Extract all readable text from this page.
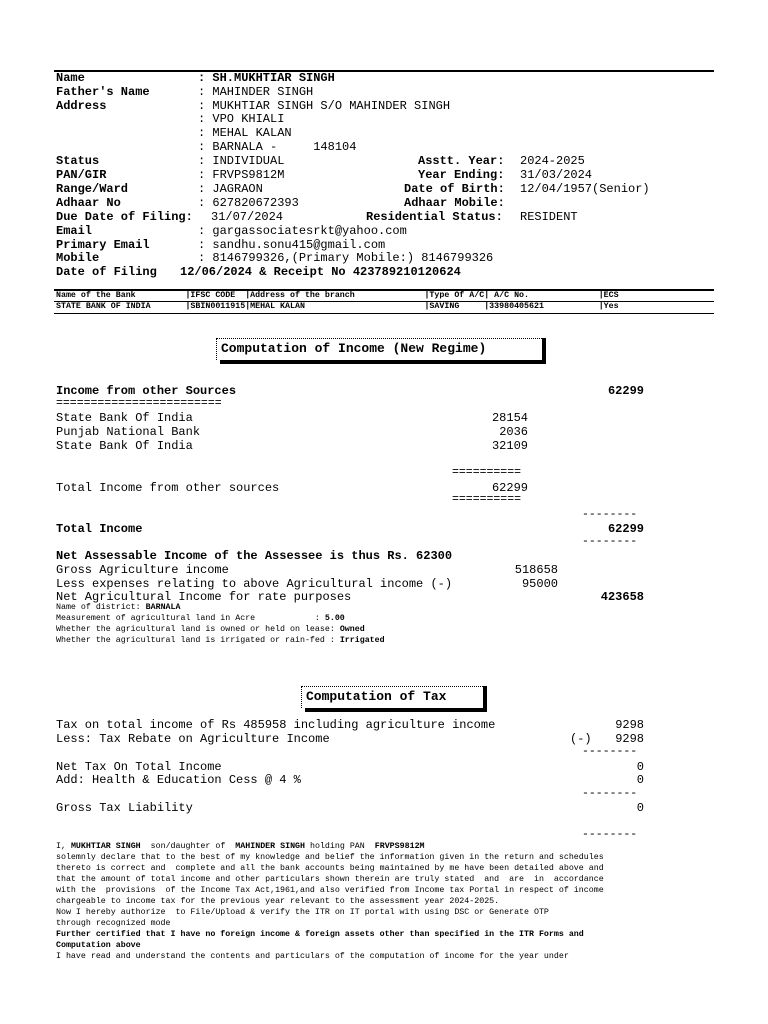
Name	: SH.MUKHTIAR SINGH
Father's Name	: MAHINDER SINGH
Address	: MUKHTIAR SINGH S/O MAHINDER SINGH
: VPO KHIALI
: MEHAL KALAN
: BARNALA -     148104
Status	: INDIVIDUAL	Asstt. Year: 2024-2025
PAN/GIR	: FRVPS9812M	Year Ending: 31/03/2024
Range/Ward	: JAGRAON	Date of Birth: 12/04/1957(Senior)
Adhaar No	: 627820672393	Adhaar Mobile:
Due Date of Filing: 31/07/2024	Residential Status: RESIDENT
Email	: gargassociatesrkt@yahoo.com
Primary Email	: sandhu.sonu415@gmail.com
Mobile	: 8146799326,(Primary Mobile:) 8146799326
Date of Filing 12/06/2024 & Receipt No 423789210120624
Name of the Bank          |IFSC CODE  |Address of the branch              |Type Of A/C| A/C No.              |ECS
STATE BANK OF INDIA       |SBIN0011915|MEHAL KALAN                        |SAVING     |33980405621           |Yes
Computation of Income (New Regime)
Income from other Sources	62299
========================
State Bank Of India	28154
Punjab National Bank	2036
State Bank Of India	32109
==========
Total Income from other sources	62299
==========
--------
Total Income	62299
--------
Net Assessable Income of the Assessee is thus Rs. 62300
Gross Agriculture income	518658
Less expenses relating to above Agricultural income (-)	95000
Net Agricultural Income for rate purposes	423658
Name of district: BARNALA
Measurement of agricultural land in Acre            : 5.00
Whether the agricultural land is owned or held on lease: Owned
Whether the agricultural land is irrigated or rain-fed : Irrigated
Computation of Tax
Tax on total income of Rs 485958 including agriculture income	9298
Less: Tax Rebate on Agriculture Income	(-)	9298
--------
Net Tax On Total Income	0
Add: Health & Education Cess @ 4 %	0
--------
Gross Tax Liability	0
--------
I, MUKHTIAR SINGH son/daughter of MAHINDER SINGH holding PAN FRVPS9812M
solemnly declare that to the best of my knowledge and belief the information given in the return and schedules
thereto is correct and  complete and all the bank accounts being maintained by me have been detailed above and
that the amount of total income and other particulars shown therein are truly stated  and  are  in  accordance
with the  provisions  of the Income Tax Act,1961,and also verified from Income tax Portal in respect of income
chargeable to income tax for the previous year relevant to the assessment year 2024-2025.
Now I hereby authorize  to File/Upload & verify the ITR on IT portal with using DSC or Generate OTP
through recognized mode
Further certified that I have no foreign income & foreign assets other than specified in the ITR Forms and
Computation above
I have read and understand the contents and particulars of the computation of income for the year under
